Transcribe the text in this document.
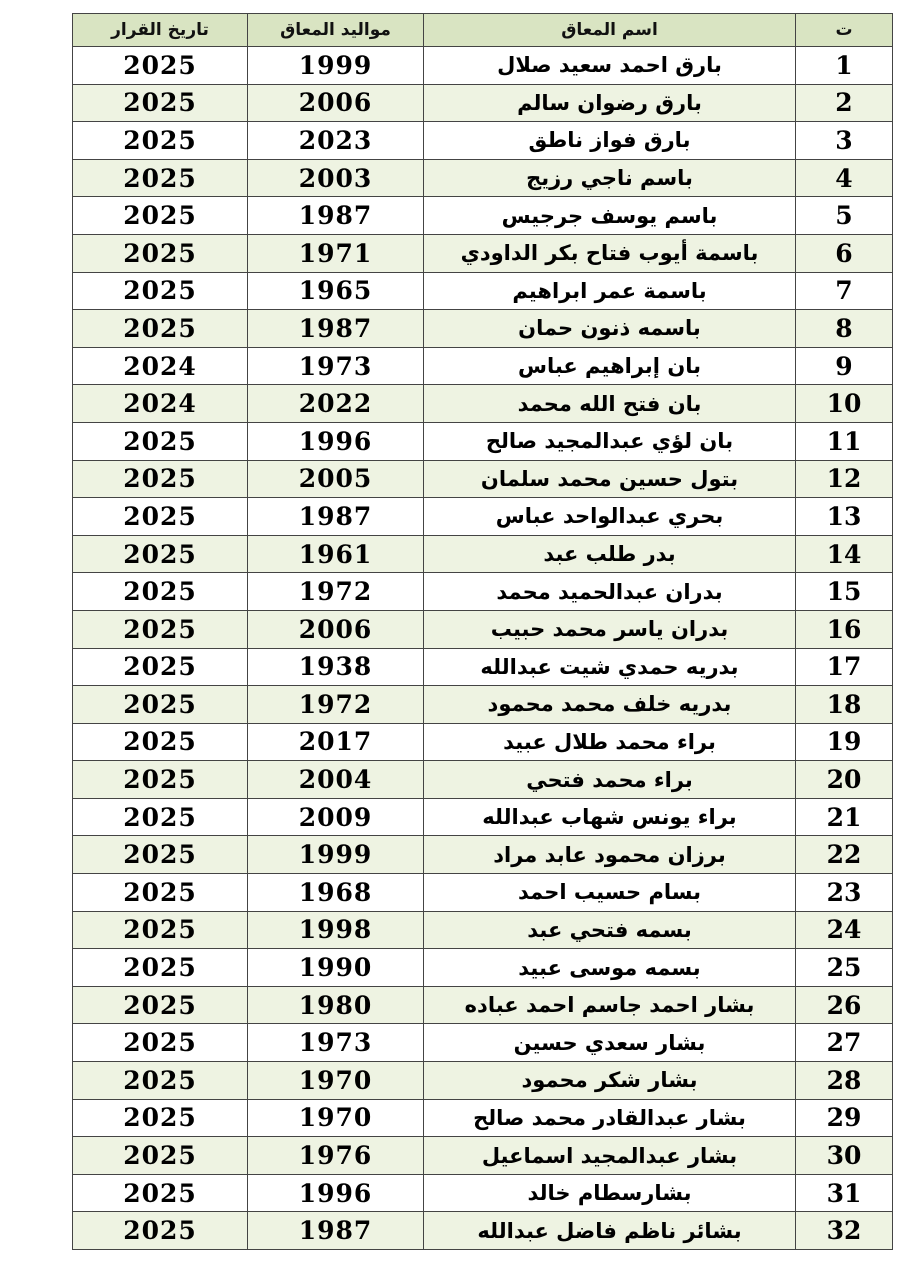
ت	اسم المعاق	مواليد المعاق	تاريخ القرار
1	بارق احمد سعيد صلال	1999	2025
2	بارق رضوان سالم	2006	2025
3	بارق فواز ناطق	2023	2025
4	باسم ناجي رزيج	2003	2025
5	باسم يوسف جرجيس	1987	2025
6	باسمة أيوب فتاح بكر الداودي	1971	2025
7	باسمة عمر ابراهيم	1965	2025
8	باسمه ذنون حمان	1987	2025
9	بان إبراهيم عباس	1973	2024
10	بان فتح الله محمد	2022	2024
11	بان لؤي عبدالمجيد صالح	1996	2025
12	بتول حسين محمد سلمان	2005	2025
13	بحري عبدالواحد عباس	1987	2025
14	بدر طلب عبد	1961	2025
15	بدران عبدالحميد محمد	1972	2025
16	بدران ياسر محمد حبيب	2006	2025
17	بدريه حمدي شيت عبدالله	1938	2025
18	بدريه خلف محمد محمود	1972	2025
19	براء محمد طلال عبيد	2017	2025
20	براء محمد فتحي	2004	2025
21	براء يونس شهاب عبدالله	2009	2025
22	برزان محمود عابد مراد	1999	2025
23	بسام حسيب احمد	1968	2025
24	بسمه فتحي عبد	1998	2025
25	بسمه موسى عبيد	1990	2025
26	بشار احمد جاسم احمد عباده	1980	2025
27	بشار سعدي حسين	1973	2025
28	بشار شكر محمود	1970	2025
29	بشار عبدالقادر محمد صالح	1970	2025
30	بشار عبدالمجيد اسماعيل	1976	2025
31	بشارسطام خالد	1996	2025
32	بشائر ناظم فاضل عبدالله	1987	2025
